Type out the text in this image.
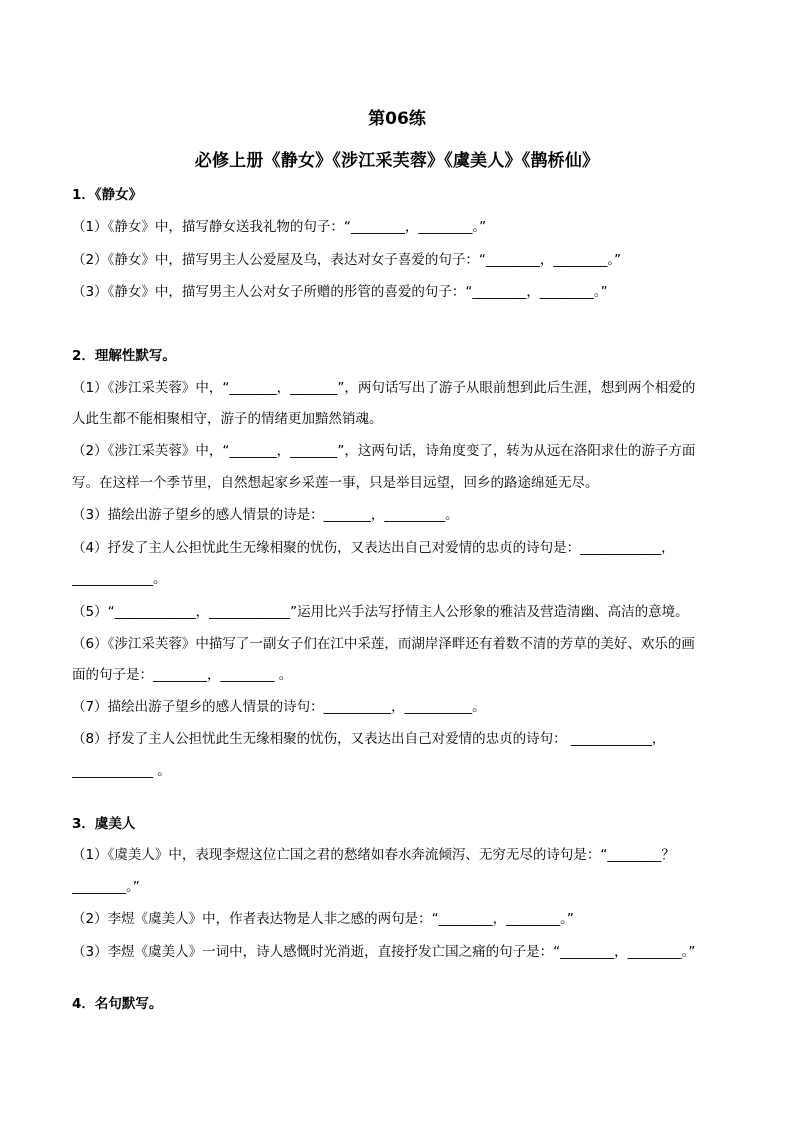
第06练
必修上册《静女》《涉江采芙蓉》《虞美人》《鹊桥仙》
1．《静女》
（1）《静女》中，描写静女送我礼物的句子：“________，________。”
（2）《静女》中，描写男主人公爱屋及乌，表达对女子喜爱的句子：“________，________。”
（3）《静女》中，描写男主人公对女子所赠的彤管的喜爱的句子：“________，________。”
2．理解性默写。
（1）《涉江采芙蓉》中，“_______，_______”，两句话写出了游子从眼前想到此后生涯，想到两个相爱的
人此生都不能相聚相守，游子的情绪更加黯然销魂。
（2）《涉江采芙蓉》中，“_______，_______”，这两句话，诗角度变了，转为从远在洛阳求仕的游子方面
写。在这样一个季节里，自然想起家乡采莲一事，只是举目远望，回乡的路途绵延无尽。
（3）描绘出游子望乡的感人情景的诗是：_______，_________。
（4）抒发了主人公担忧此生无缘相聚的忧伤，又表达出自己对爱情的忠贞的诗句是：____________，
____________。
（5）“____________，____________”运用比兴手法写抒情主人公形象的雅洁及营造清幽、高洁的意境。
（6）《涉江采芙蓉》中描写了一副女子们在江中采莲，而湖岸泽畔还有着数不清的芳草的美好、欢乐的画
面的句子是：________，________ 。
（7）描绘出游子望乡的感人情景的诗句：__________，__________。
（8）抒发了主人公担忧此生无缘相聚的忧伤，又表达出自己对爱情的忠贞的诗句： ____________，
____________ 。
3．虞美人
（1）《虞美人》中，表现李煜这位亡国之君的愁绪如春水奔流倾泻、无穷无尽的诗句是：“________？
________。”
（2）李煜《虞美人》中，作者表达物是人非之感的两句是：“________，________。”
（3）李煜《虞美人》一词中，诗人感慨时光消逝，直接抒发亡国之痛的句子是：“________，________。”
4．名句默写。
